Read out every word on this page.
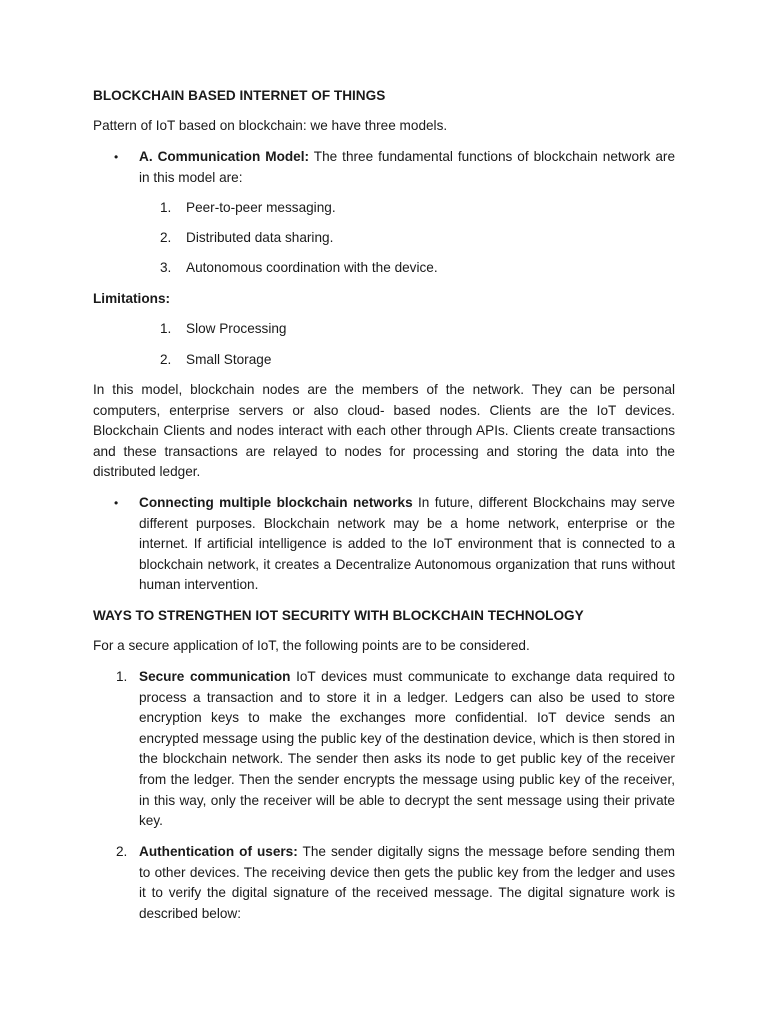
BLOCKCHAIN BASED INTERNET OF THINGS

Pattern of IoT based on blockchain: we have three models.

• A. Communication Model: The three fundamental functions of blockchain network are in this model are:

1. Peer-to-peer messaging.

2. Distributed data sharing.

3. Autonomous coordination with the device.

Limitations:

1. Slow Processing

2. Small Storage

In this model, blockchain nodes are the members of the network. They can be personal computers, enterprise servers or also cloud- based nodes. Clients are the IoT devices. Blockchain Clients and nodes interact with each other through APIs. Clients create transactions and these transactions are relayed to nodes for processing and storing the data into the distributed ledger.

• Connecting multiple blockchain networks In future, different Blockchains may serve different purposes. Blockchain network may be a home network, enterprise or the internet. If artificial intelligence is added to the IoT environment that is connected to a blockchain network, it creates a Decentralize Autonomous organization that runs without human intervention.

WAYS TO STRENGTHEN IOT SECURITY WITH BLOCKCHAIN TECHNOLOGY

For a secure application of IoT, the following points are to be considered.

1. Secure communication IoT devices must communicate to exchange data required to process a transaction and to store it in a ledger. Ledgers can also be used to store encryption keys to make the exchanges more confidential. IoT device sends an encrypted message using the public key of the destination device, which is then stored in the blockchain network. The sender then asks its node to get public key of the receiver from the ledger. Then the sender encrypts the message using public key of the receiver, in this way, only the receiver will be able to decrypt the sent message using their private key.

2. Authentication of users: The sender digitally signs the message before sending them to other devices. The receiving device then gets the public key from the ledger and uses it to verify the digital signature of the received message. The digital signature work is described below:
